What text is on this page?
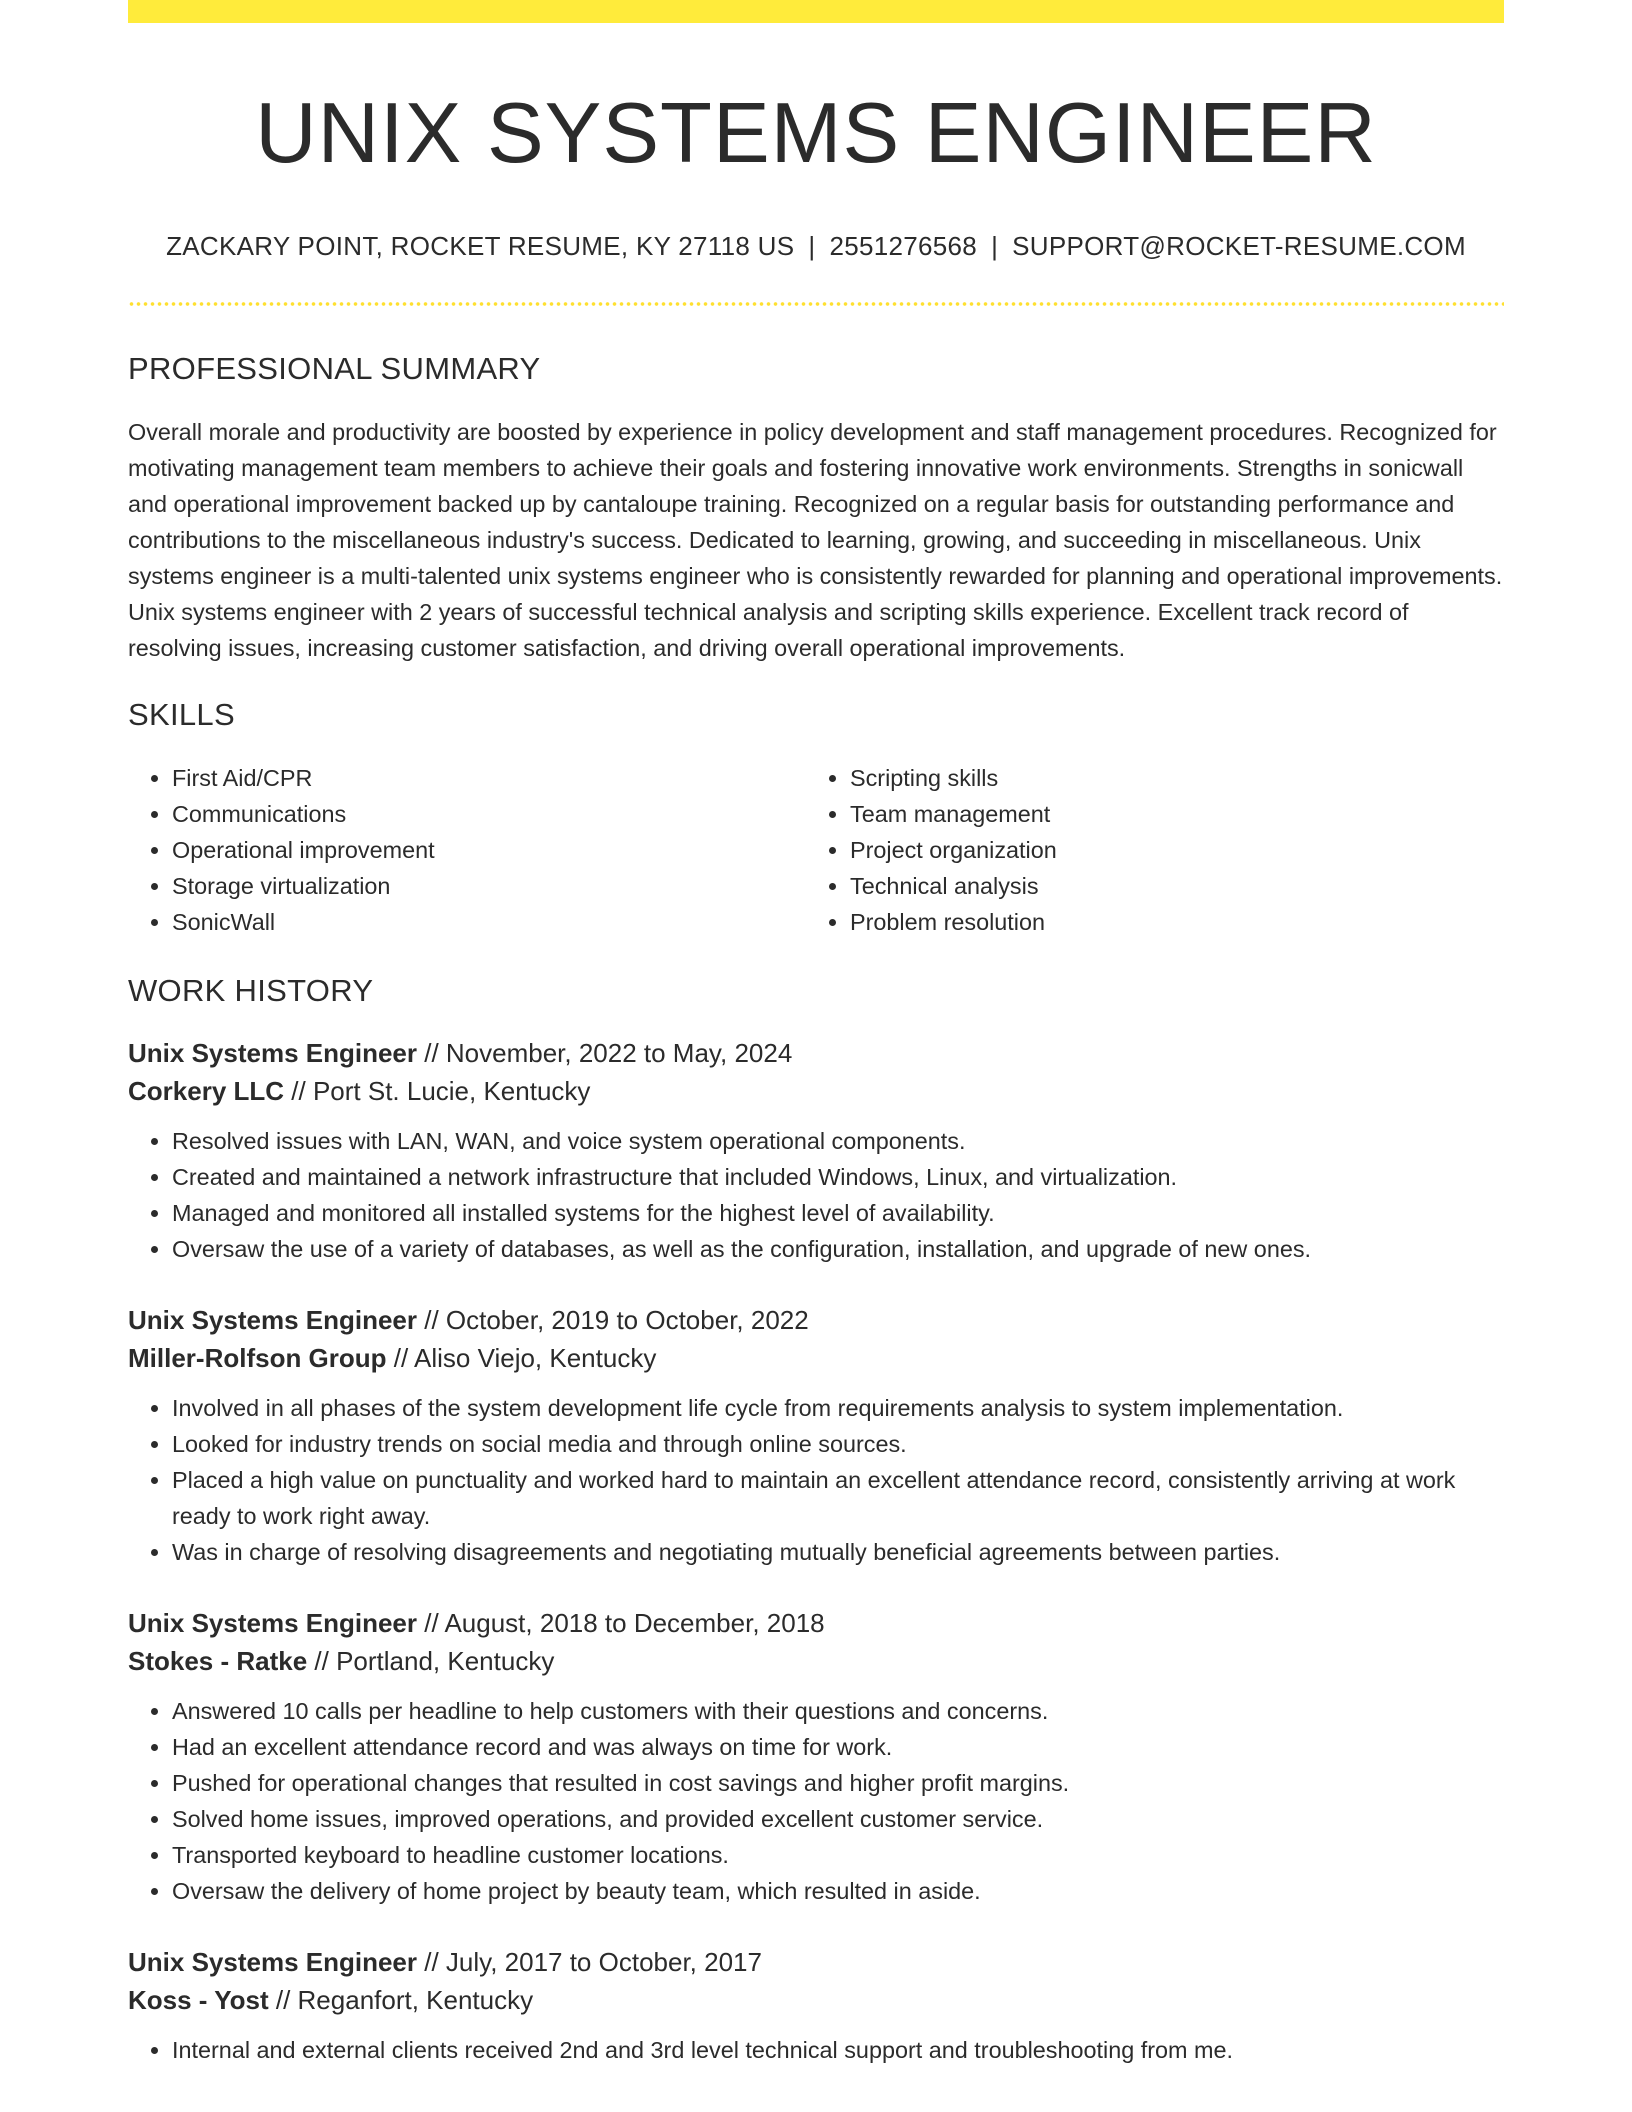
UNIX SYSTEMS ENGINEER
ZACKARY POINT, ROCKET RESUME, KY 27118 US | 2551276568 | SUPPORT@ROCKET-RESUME.COM
PROFESSIONAL SUMMARY

Overall morale and productivity are boosted by experience in policy development and staff management procedures. Recognized for motivating management team members to achieve their goals and fostering innovative work environments. Strengths in sonicwall and operational improvement backed up by cantaloupe training. Recognized on a regular basis for outstanding performance and contributions to the miscellaneous industry's success. Dedicated to learning, growing, and succeeding in miscellaneous. Unix systems engineer is a multi-talented unix systems engineer who is consistently rewarded for planning and operational improvements. Unix systems engineer with 2 years of successful technical analysis and scripting skills experience. Excellent track record of resolving issues, increasing customer satisfaction, and driving overall operational improvements.

SKILLS
• First Aid/CPR
• Communications
• Operational improvement
• Storage virtualization
• SonicWall
• Scripting skills
• Team management
• Project organization
• Technical analysis
• Problem resolution
WORK HISTORY
Unix Systems Engineer // November, 2022 to May, 2024
Corkery LLC // Port St. Lucie, Kentucky
• Resolved issues with LAN, WAN, and voice system operational components.
• Created and maintained a network infrastructure that included Windows, Linux, and virtualization.
• Managed and monitored all installed systems for the highest level of availability.
• Oversaw the use of a variety of databases, as well as the configuration, installation, and upgrade of new ones.
Unix Systems Engineer // October, 2019 to October, 2022
Miller-Rolfson Group // Aliso Viejo, Kentucky
• Involved in all phases of the system development life cycle from requirements analysis to system implementation.
• Looked for industry trends on social media and through online sources.
• Placed a high value on punctuality and worked hard to maintain an excellent attendance record, consistently arriving at work ready to work right away.
• Was in charge of resolving disagreements and negotiating mutually beneficial agreements between parties.
Unix Systems Engineer // August, 2018 to December, 2018
Stokes - Ratke // Portland, Kentucky
• Answered 10 calls per headline to help customers with their questions and concerns.
• Had an excellent attendance record and was always on time for work.
• Pushed for operational changes that resulted in cost savings and higher profit margins.
• Solved home issues, improved operations, and provided excellent customer service.
• Transported keyboard to headline customer locations.
• Oversaw the delivery of home project by beauty team, which resulted in aside.
Unix Systems Engineer // July, 2017 to October, 2017
Koss - Yost // Reganfort, Kentucky
• Internal and external clients received 2nd and 3rd level technical support and troubleshooting from me.
